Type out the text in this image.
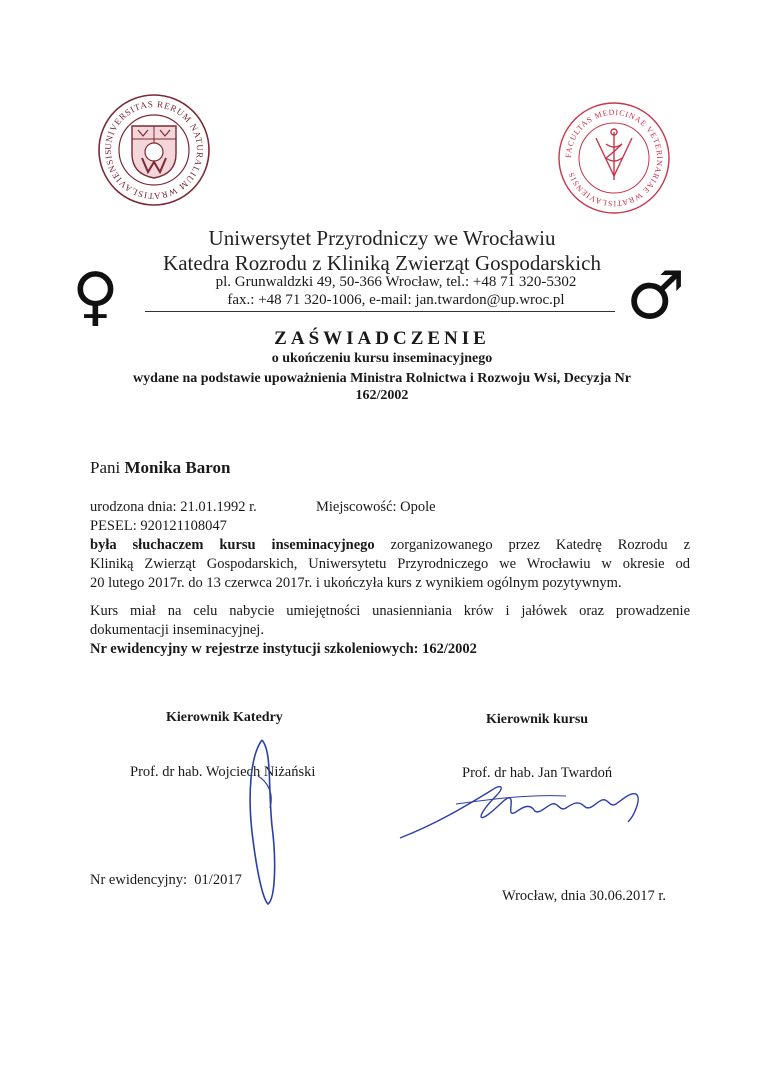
UNIVERSITAS RERUM NATURALIUM WRATISLAVIENSIS
FACULTAS MEDICINAE VETERINARIAE WRATISLAVIENSIS
♀	♂
Uniwersytet Przyrodniczy we Wrocławiu
Katedra Rozrodu z Kliniką Zwierząt Gospodarskich
pl. Grunwaldzki 49, 50-366 Wrocław, tel.: +48 71 320-5302
fax.: +48 71 320-1006, e-mail: jan.twardon@up.wroc.pl
ZAŚWIADCZENIE
o ukończeniu kursu inseminacyjnego
wydane na podstawie upoważnienia Ministra Rolnictwa i Rozwoju Wsi, Decyzja Nr
162/2002
Pani Monika Baron
urodzona dnia: 21.01.1992 r.	Miejscowość: Opole
PESEL: 920121108047
była słuchaczem kursu inseminacyjnego zorganizowanego przez Katedrę Rozrodu z
Kliniką Zwierząt Gospodarskich, Uniwersytetu Przyrodniczego we Wrocławiu w okresie od
20 lutego 2017r. do 13 czerwca 2017r. i ukończyła kurs z wynikiem ogólnym pozytywnym.
Kurs miał na celu nabycie umiejętności unasienniania krów i jałówek oraz prowadzenie
dokumentacji inseminacyjnej.
Nr ewidencyjny w rejestrze instytucji szkoleniowych: 162/2002
Kierownik Katedry	Kierownik kursu
Prof. dr hab. Wojciech Niżański	Prof. dr hab. Jan Twardoń
Nr ewidencyjny:  01/2017
Wrocław, dnia 30.06.2017 r.
